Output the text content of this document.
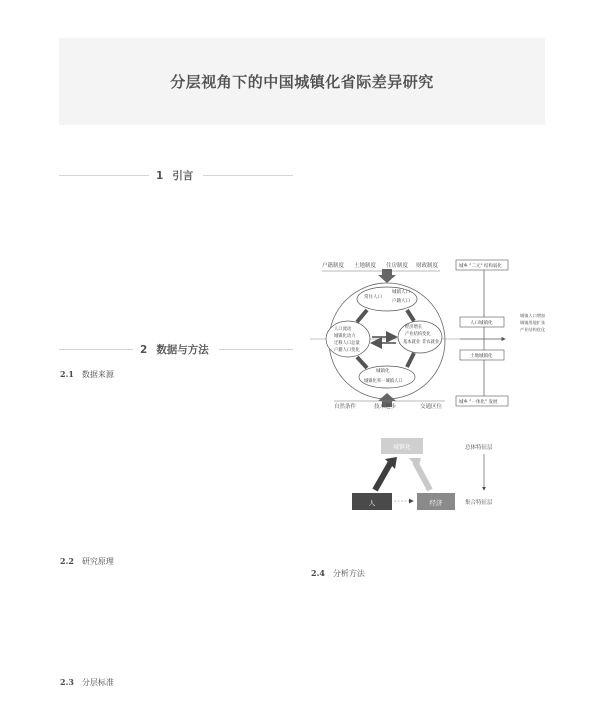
分层视角下的中国城镇化省际差异研究
1 引言
2 数据与方法
2.1 数据来源
2.2 研究原理
2.3 分层标准
2.4 分析方法
户籍制度 土地制度 住房制度 财政制度
常住人口
城镇人口
户籍人口
人口流动
城镇化动力
迁移人口总量
户籍人口变化
经济增长
产业结构变化
基本就业 非农就业
城镇化
城镇化率一城镇人口
自然条件	技术进步	交通区位
城乡 "二元" 结构弱化
人口城镇化
土地城镇化
城乡 "一体化" 发展
城镇人口增加
城镇用地扩张
产业结构优化
城镇化
人	经济
总体特征层
集合特征层
